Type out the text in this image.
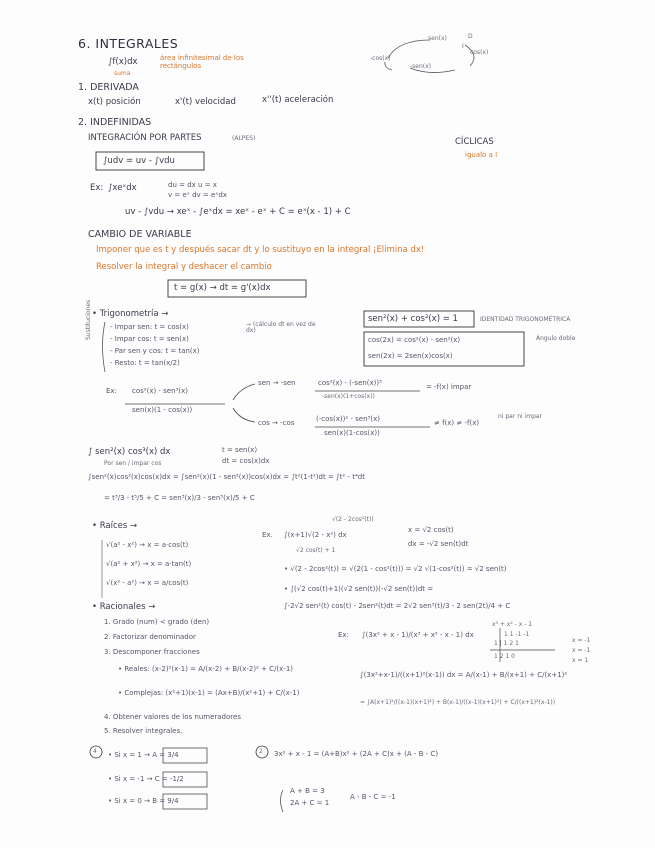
6. INTEGRALES
∫f(x)dx	área infinitesimal de los rectángulos
suma
sen(x)	D
cos(x)
I
-sen(x)
-cos(x)
1. DERIVADA
x(t) posición	x'(t) velocidad	x''(t) aceleración
2. INDEFINIDAS
INTEGRACIÓN POR PARTES	(ALPES)
∫udv = uv - ∫vdu
CÍCLICAS
igualo a I
Ex: ∫xeˣdx	du = dx u = x
v = eˣ dv = eˣdx
uv - ∫vdu → xeˣ - ∫eˣdx = xeˣ - eˣ + C = eˣ(x - 1) + C
CAMBIO DE VARIABLE
Imponer que es t y después sacar dt y lo sustituyo en la integral ¡Elimina dx!
Resolver la integral y deshacer el cambio
t = g(x) → dt = g'(x)dx
• Trigonometría →
→ (cálculo dt en vez de dx)
sen²(x) + cos²(x) = 1	IDENTIDAD TRIGONOMÉTRICA
cos(2x) = cos²(x) - sen²(x)
sen(2x) = 2sen(x)cos(x)
Ángulo doble
Sustituciones	- Impar sen: t = cos(x)
- Impar cos: t = sen(x)
- Par sen y cos: t = tan(x)
- Resto: t = tan(x/2)
Ex: cos²(x) - sen³(x)
sen(x)(1 - cos(x))
sen → -sen	cos²(x) - (-sen(x))³
-sen(x)(1+cos(x))
= -f(x) impar
cos → -cos	(-cos(x))² - sen³(x)
sen(x)(1-cos(x))
≠ f(x) ≠ -f(x)
ni par ni impar
∫ sen²(x) cos³(x) dx
Por sen / impar cos
t = sen(x)
dt = cos(x)dx
∫sen²(x)cos²(x)cos(x)dx = ∫sen²(x)(1 - sen²(x))cos(x)dx = ∫t²(1-t²)dt = ∫t² - t⁴dt
= t³/3 - t⁵/5 + C = sen³(x)/3 - sen⁵(x)/5 + C
• Raíces →
√(a² - x²) → x = a·cos(t)
√(a² + x²) → x = a·tan(t)
√(x² - a²) → x = a/cos(t)
Ex. ∫(x+1)√(2 - x²) dx
√(2 - 2cos²(t))
√2 cos(t) + 1
x = √2 cos(t)
dx = -√2 sen(t)dt
• √(2 - 2cos²(t)) = √(2(1 - cos²(t))) = √2 √(1-cos²(t)) = √2 sen(t)
• ∫(√2 cos(t)+1)(√2 sen(t))(-√2 sen(t))dt =
∫-2√2 sen²(t) cos(t) - 2sen²(t)dt = 2√2 sen³(t)/3 - 2 sen(2t)/4 + C
• Racionales →
1. Grado (num) < grado (den)
2. Factorizar denominador
3. Descomponer fracciones
• Reales: (x-2)²(x-1) = A/(x-2) + B/(x-2)² + C/(x-1)
• Complejas: (x²+1)(x-1) = (Ax+B)/(x²+1) + C/(x-1)
4. Obtener valores de los numeradores
5. Resolver integrales.
Ex: ∫(3x² + x - 1)/(x³ + x² - x - 1) dx
x³ + x² - x - 1
1 1 -1 -1
1 | 1 2 1
1 2 1 0
x = -1
x = -1
x = 1
∫(3x²+x-1)/((x+1)²(x-1)) dx = A/(x-1) + B/(x+1) + C/(x+1)²
= ∫A(x+1)²/((x-1)(x+1)²) + B(x-1)/((x-1)(x+1)²) + C/((x+1)²(x-1))
4 • Si x = 1 → A = 3/4
• Si x = -1 → C = -1/2
• Si x = 0 → B = 9/4
2 3x² + x - 1 = (A+B)x² + (2A + C)x + (A - B - C)
A + B = 3
2A + C = 1
A - B - C = -1
